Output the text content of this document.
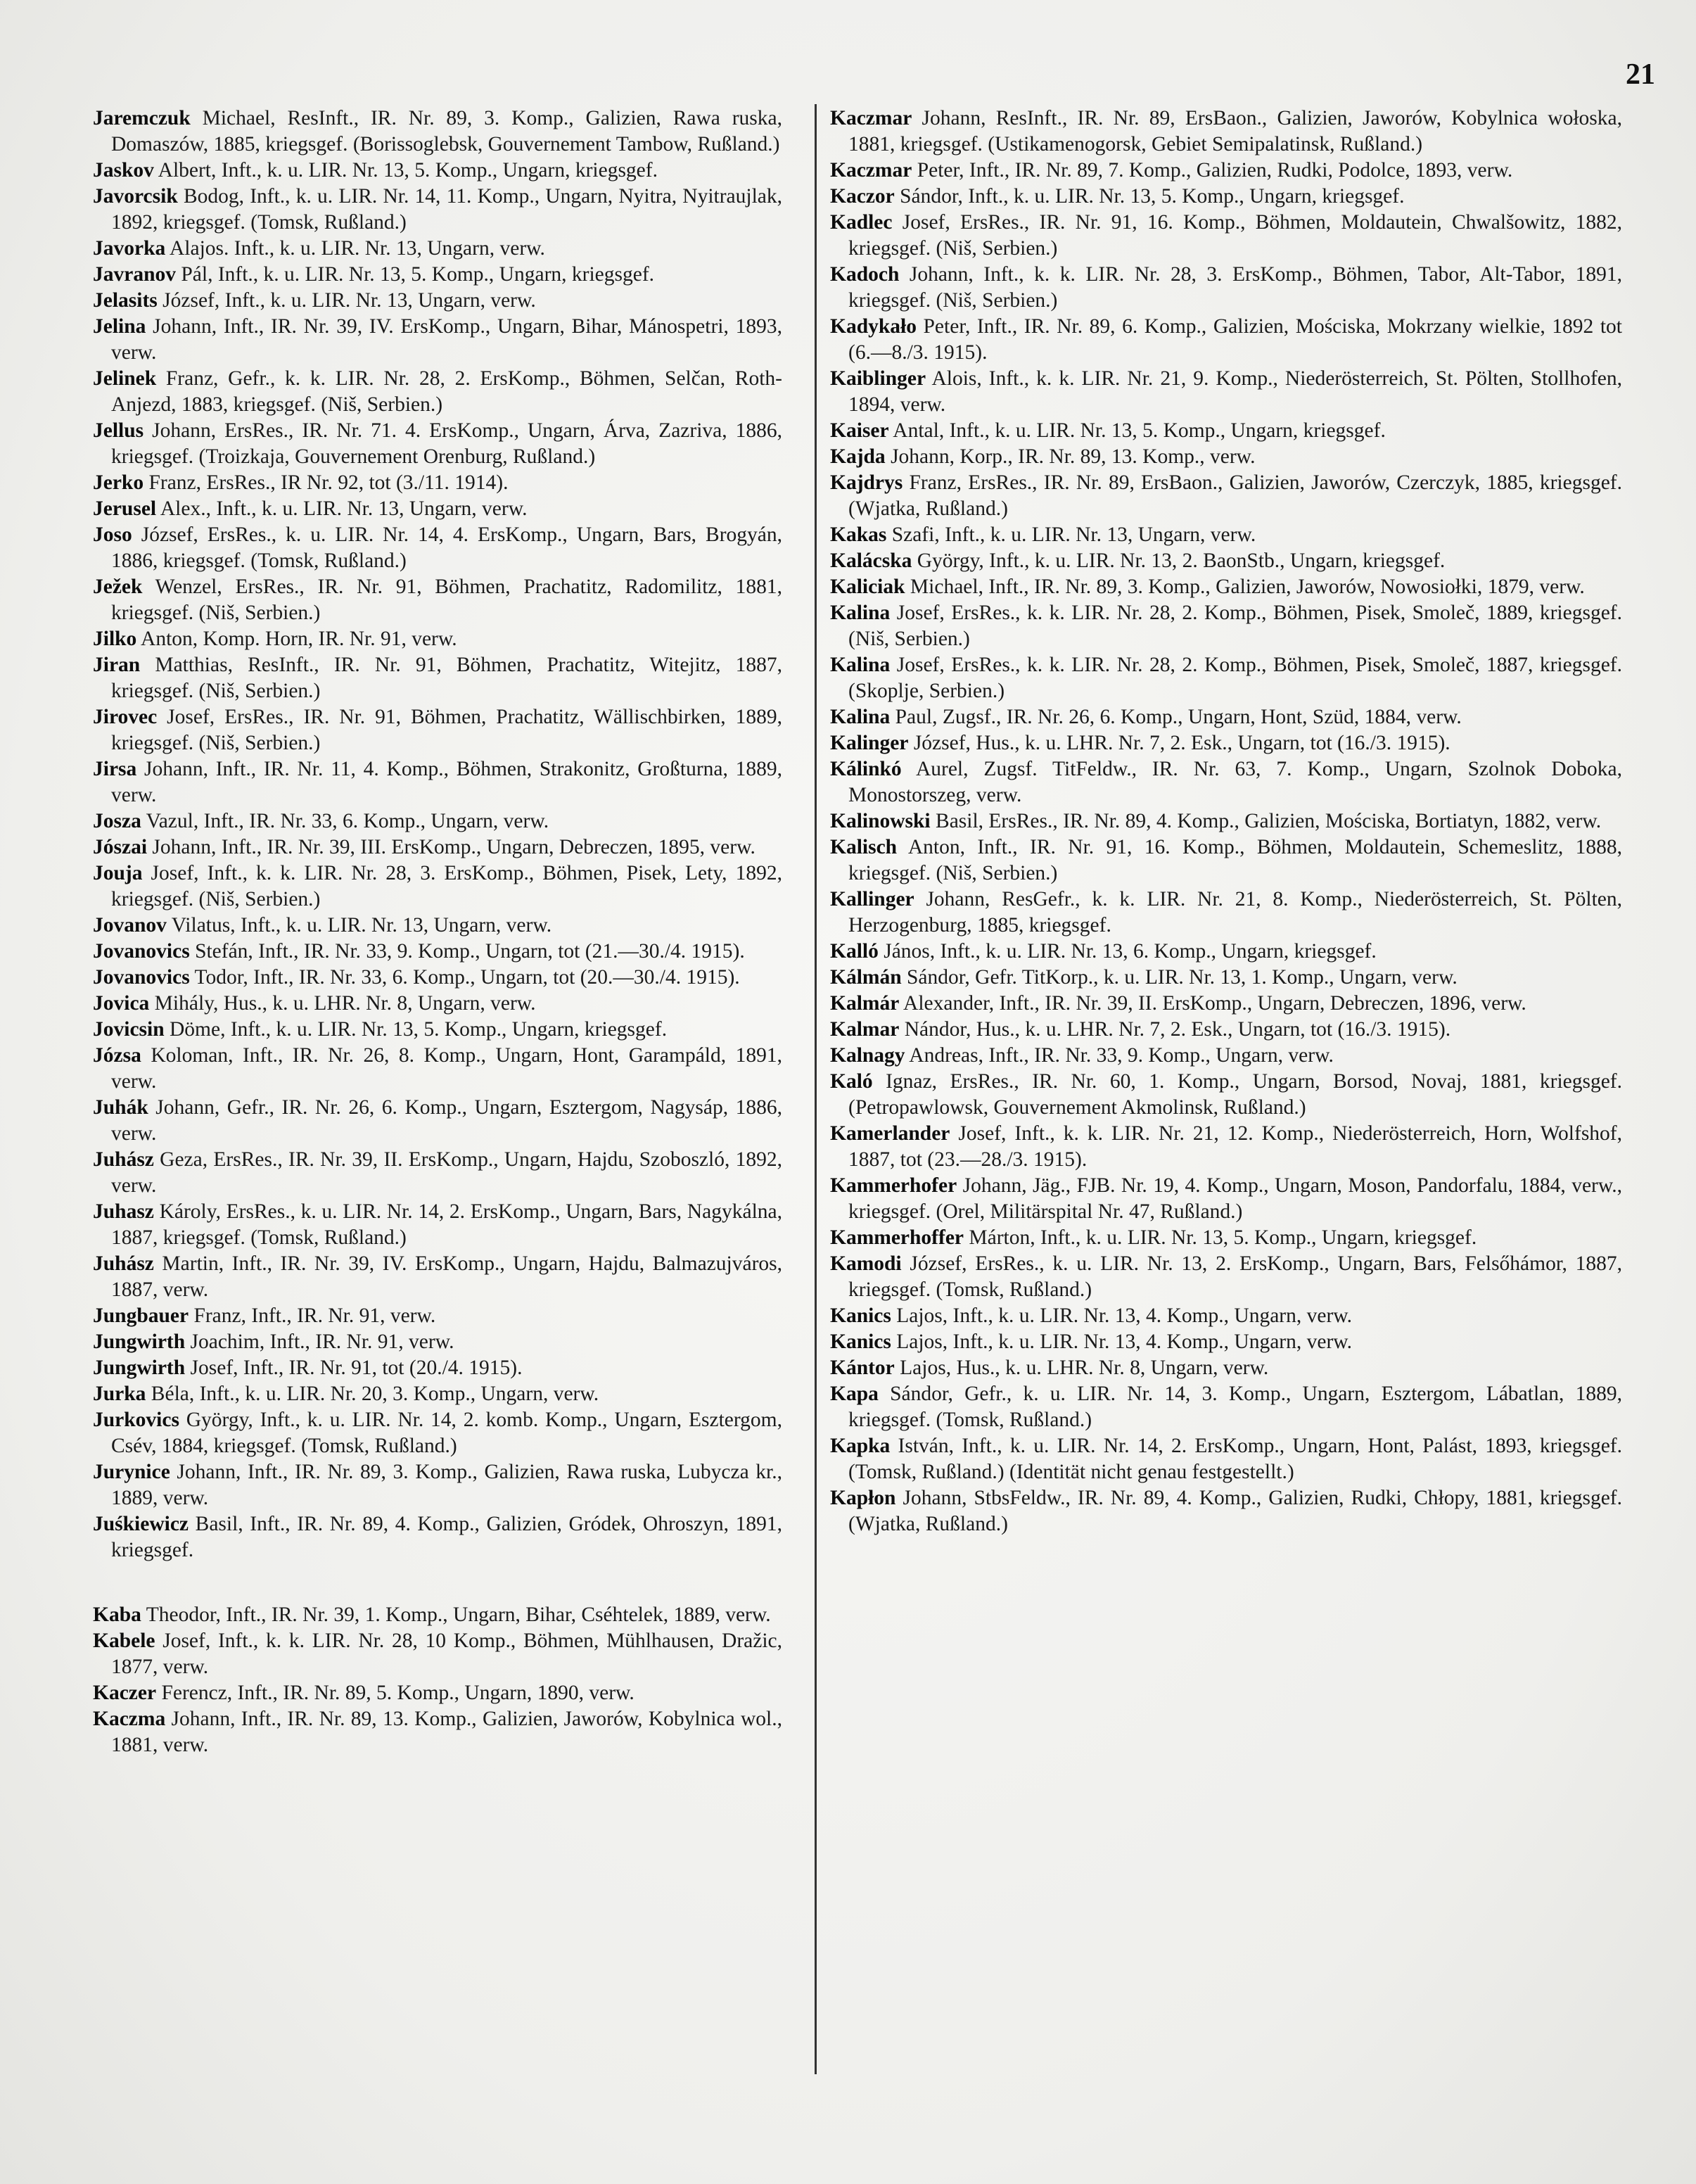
21

Jaremczuk Michael, ResInft., IR. Nr. 89, 3. Komp., Galizien, Rawa ruska, Domaszów, 1885, kriegsgef. (Borissoglebsk, Gouvernement Tambow, Rußland.)

Jaskov Albert, Inft., k. u. LIR. Nr. 13, 5. Komp., Ungarn, kriegsgef.

Javorcsik Bodog, Inft., k. u. LIR. Nr. 14, 11. Komp., Ungarn, Nyitra, Nyitraujlak, 1892, kriegsgef. (Tomsk, Rußland.)

Javorka Alajos. Inft., k. u. LIR. Nr. 13, Ungarn, verw.

Javranov Pál, Inft., k. u. LIR. Nr. 13, 5. Komp., Ungarn, kriegsgef.

Jelasits József, Inft., k. u. LIR. Nr. 13, Ungarn, verw.

Jelina Johann, Inft., IR. Nr. 39, IV. ErsKomp., Ungarn, Bihar, Mánospetri, 1893, verw.

Jelinek Franz, Gefr., k. k. LIR. Nr. 28, 2. ErsKomp., Böhmen, Selčan, Roth-Anjezd, 1883, kriegsgef. (Niš, Serbien.)

Jellus Johann, ErsRes., IR. Nr. 71. 4. ErsKomp., Ungarn, Árva, Zazriva, 1886, kriegsgef. (Troizkaja, Gouvernement Orenburg, Rußland.)

Jerko Franz, ErsRes., IR Nr. 92, tot (3./11. 1914).

Jerusel Alex., Inft., k. u. LIR. Nr. 13, Ungarn, verw.

Joso József, ErsRes., k. u. LIR. Nr. 14, 4. ErsKomp., Ungarn, Bars, Brogyán, 1886, kriegsgef. (Tomsk, Rußland.)

Ježek Wenzel, ErsRes., IR. Nr. 91, Böhmen, Prachatitz, Radomilitz, 1881, kriegsgef. (Niš, Serbien.)

Jilko Anton, Komp. Horn, IR. Nr. 91, verw.

Jiran Matthias, ResInft., IR. Nr. 91, Böhmen, Prachatitz, Witejitz, 1887, kriegsgef. (Niš, Serbien.)

Jirovec Josef, ErsRes., IR. Nr. 91, Böhmen, Prachatitz, Wällischbirken, 1889, kriegsgef. (Niš, Serbien.)

Jirsa Johann, Inft., IR. Nr. 11, 4. Komp., Böhmen, Strakonitz, Großturna, 1889, verw.

Josza Vazul, Inft., IR. Nr. 33, 6. Komp., Ungarn, verw.

Jószai Johann, Inft., IR. Nr. 39, III. ErsKomp., Ungarn, Debreczen, 1895, verw.

Jouja Josef, Inft., k. k. LIR. Nr. 28, 3. ErsKomp., Böhmen, Pisek, Lety, 1892, kriegsgef. (Niš, Serbien.)

Jovanov Vilatus, Inft., k. u. LIR. Nr. 13, Ungarn, verw.

Jovanovics Stefán, Inft., IR. Nr. 33, 9. Komp., Ungarn, tot (21.—30./4. 1915).

Jovanovics Todor, Inft., IR. Nr. 33, 6. Komp., Ungarn, tot (20.—30./4. 1915).

Jovica Mihály, Hus., k. u. LHR. Nr. 8, Ungarn, verw.

Jovicsin Döme, Inft., k. u. LIR. Nr. 13, 5. Komp., Ungarn, kriegsgef.

Józsa Koloman, Inft., IR. Nr. 26, 8. Komp., Ungarn, Hont, Garampáld, 1891, verw.

Juhák Johann, Gefr., IR. Nr. 26, 6. Komp., Ungarn, Esztergom, Nagysáp, 1886, verw.

Juhász Geza, ErsRes., IR. Nr. 39, II. ErsKomp., Ungarn, Hajdu, Szoboszló, 1892, verw.

Juhasz Károly, ErsRes., k. u. LIR. Nr. 14, 2. ErsKomp., Ungarn, Bars, Nagykálna, 1887, kriegsgef. (Tomsk, Rußland.)

Juhász Martin, Inft., IR. Nr. 39, IV. ErsKomp., Ungarn, Hajdu, Balmazujváros, 1887, verw.

Jungbauer Franz, Inft., IR. Nr. 91, verw.

Jungwirth Joachim, Inft., IR. Nr. 91, verw.

Jungwirth Josef, Inft., IR. Nr. 91, tot (20./4. 1915).

Jurka Béla, Inft., k. u. LIR. Nr. 20, 3. Komp., Ungarn, verw.

Jurkovics György, Inft., k. u. LIR. Nr. 14, 2. komb. Komp., Ungarn, Esztergom, Csév, 1884, kriegsgef. (Tomsk, Rußland.)

Jurynice Johann, Inft., IR. Nr. 89, 3. Komp., Galizien, Rawa ruska, Lubycza kr., 1889, verw.

Juśkiewicz Basil, Inft., IR. Nr. 89, 4. Komp., Galizien, Gródek, Ohroszyn, 1891, kriegsgef.

Kaba Theodor, Inft., IR. Nr. 39, 1. Komp., Ungarn, Bihar, Cséhtelek, 1889, verw.

Kabele Josef, Inft., k. k. LIR. Nr. 28, 10 Komp., Böhmen, Mühlhausen, Dražic, 1877, verw.

Kaczer Ferencz, Inft., IR. Nr. 89, 5. Komp., Ungarn, 1890, verw.

Kaczma Johann, Inft., IR. Nr. 89, 13. Komp., Galizien, Jaworów, Kobylnica wol., 1881, verw.

Kaczmar Johann, ResInft., IR. Nr. 89, ErsBaon., Galizien, Jaworów, Kobylnica wołoska, 1881, kriegsgef. (Ustikamenogorsk, Gebiet Semipalatinsk, Rußland.)

Kaczmar Peter, Inft., IR. Nr. 89, 7. Komp., Galizien, Rudki, Podolce, 1893, verw.

Kaczor Sándor, Inft., k. u. LIR. Nr. 13, 5. Komp., Ungarn, kriegsgef.

Kadlec Josef, ErsRes., IR. Nr. 91, 16. Komp., Böhmen, Moldautein, Chwalšowitz, 1882, kriegsgef. (Niš, Serbien.)

Kadoch Johann, Inft., k. k. LIR. Nr. 28, 3. ErsKomp., Böhmen, Tabor, Alt-Tabor, 1891, kriegsgef. (Niš, Serbien.)

Kadykało Peter, Inft., IR. Nr. 89, 6. Komp., Galizien, Mościska, Mokrzany wielkie, 1892 tot (6.—8./3. 1915).

Kaiblinger Alois, Inft., k. k. LIR. Nr. 21, 9. Komp., Niederösterreich, St. Pölten, Stollhofen, 1894, verw.

Kaiser Antal, Inft., k. u. LIR. Nr. 13, 5. Komp., Ungarn, kriegsgef.

Kajda Johann, Korp., IR. Nr. 89, 13. Komp., verw.

Kajdrys Franz, ErsRes., IR. Nr. 89, ErsBaon., Galizien, Jaworów, Czerczyk, 1885, kriegsgef. (Wjatka, Rußland.)

Kakas Szafi, Inft., k. u. LIR. Nr. 13, Ungarn, verw.

Kalácska György, Inft., k. u. LIR. Nr. 13, 2. BaonStb., Ungarn, kriegsgef.

Kaliciak Michael, Inft., IR. Nr. 89, 3. Komp., Galizien, Jaworów, Nowosiołki, 1879, verw.

Kalina Josef, ErsRes., k. k. LIR. Nr. 28, 2. Komp., Böhmen, Pisek, Smoleč, 1889, kriegsgef. (Niš, Serbien.)

Kalina Josef, ErsRes., k. k. LIR. Nr. 28, 2. Komp., Böhmen, Pisek, Smoleč, 1887, kriegsgef. (Skoplje, Serbien.)

Kalina Paul, Zugsf., IR. Nr. 26, 6. Komp., Ungarn, Hont, Szüd, 1884, verw.

Kalinger József, Hus., k. u. LHR. Nr. 7, 2. Esk., Ungarn, tot (16./3. 1915).

Kálinkó Aurel, Zugsf. TitFeldw., IR. Nr. 63, 7. Komp., Ungarn, Szolnok Doboka, Monostorszeg, verw.

Kalinowski Basil, ErsRes., IR. Nr. 89, 4. Komp., Galizien, Mościska, Bortiatyn, 1882, verw.

Kalisch Anton, Inft., IR. Nr. 91, 16. Komp., Böhmen, Moldautein, Schemeslitz, 1888, kriegsgef. (Niš, Serbien.)

Kallinger Johann, ResGefr., k. k. LIR. Nr. 21, 8. Komp., Niederösterreich, St. Pölten, Herzogenburg, 1885, kriegsgef.

Kalló János, Inft., k. u. LIR. Nr. 13, 6. Komp., Ungarn, kriegsgef.

Kálmán Sándor, Gefr. TitKorp., k. u. LIR. Nr. 13, 1. Komp., Ungarn, verw.

Kalmár Alexander, Inft., IR. Nr. 39, II. ErsKomp., Ungarn, Debreczen, 1896, verw.

Kalmar Nándor, Hus., k. u. LHR. Nr. 7, 2. Esk., Ungarn, tot (16./3. 1915).

Kalnagy Andreas, Inft., IR. Nr. 33, 9. Komp., Ungarn, verw.

Kaló Ignaz, ErsRes., IR. Nr. 60, 1. Komp., Ungarn, Borsod, Novaj, 1881, kriegsgef. (Petropawlowsk, Gouvernement Akmolinsk, Rußland.)

Kamerlander Josef, Inft., k. k. LIR. Nr. 21, 12. Komp., Niederösterreich, Horn, Wolfshof, 1887, tot (23.—28./3. 1915).

Kammerhofer Johann, Jäg., FJB. Nr. 19, 4. Komp., Ungarn, Moson, Pandorfalu, 1884, verw., kriegsgef. (Orel, Militärspital Nr. 47, Rußland.)

Kammerhoffer Márton, Inft., k. u. LIR. Nr. 13, 5. Komp., Ungarn, kriegsgef.

Kamodi József, ErsRes., k. u. LIR. Nr. 13, 2. ErsKomp., Ungarn, Bars, Felsőhámor, 1887, kriegsgef. (Tomsk, Rußland.)

Kanics Lajos, Inft., k. u. LIR. Nr. 13, 4. Komp., Ungarn, verw.

Kanics Lajos, Inft., k. u. LIR. Nr. 13, 4. Komp., Ungarn, verw.

Kántor Lajos, Hus., k. u. LHR. Nr. 8, Ungarn, verw.

Kapa Sándor, Gefr., k. u. LIR. Nr. 14, 3. Komp., Ungarn, Esztergom, Lábatlan, 1889, kriegsgef. (Tomsk, Rußland.)

Kapka István, Inft., k. u. LIR. Nr. 14, 2. ErsKomp., Ungarn, Hont, Palást, 1893, kriegsgef. (Tomsk, Rußland.) (Identität nicht genau festgestellt.)

Kapłon Johann, StbsFeldw., IR. Nr. 89, 4. Komp., Galizien, Rudki, Chłopy, 1881, kriegsgef. (Wjatka, Rußland.)
